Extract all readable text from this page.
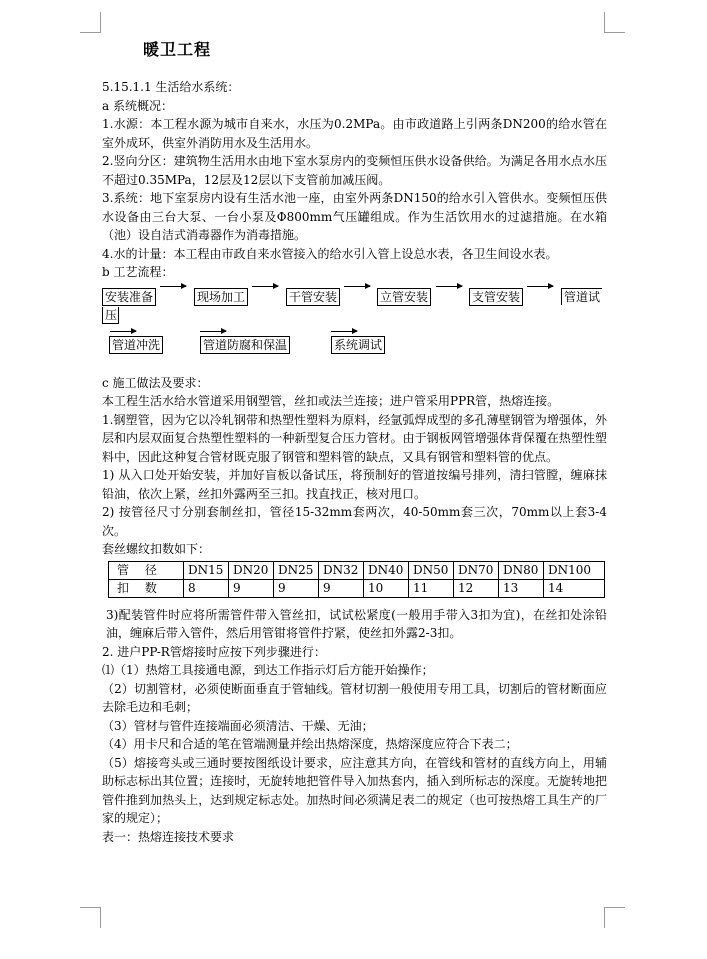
暖卫工程

5.15.1.1 生活给水系统：

a 系统概况：

1.水源：本工程水源为城市自来水，水压为0.2MPa。由市政道路上引两条DN200的给水管在室外成环，供室外消防用水及生活用水。

2.竖向分区：建筑物生活用水由地下室水泵房内的变频恒压供水设备供给。为满足各用水点水压不超过0.35MPa，12层及12层以下支管前加减压阀。

3.系统：地下室泵房内设有生活水池一座，由室外两条DN150的给水引入管供水。变频恒压供水设备由三台大泵、一台小泵及Φ800mm气压罐组成。作为生活饮用水的过滤措施。在水箱（池）设自洁式消毒器作为消毒措施。

4.水的计量：本工程由市政自来水管接入的给水引入管上设总水表，各卫生间设水表。

b 工艺流程：

安装准备	现场加工	干管安装	立管安装	支管安装	管道试
压
管道冲洗	管道防腐和保温	系统调试

c 施工做法及要求：

本工程生活水给水管道采用钢塑管，丝扣或法兰连接；进户管采用PPR管，热熔连接。

1.钢塑管，因为它以冷轧钢带和热塑性塑料为原料，经氩弧焊成型的多孔薄壁钢管为增强体，外层和内层双面复合热塑性塑料的一种新型复合压力管材。由于钢板网管增强体背保覆在热塑性塑料中，因此这种复合管材既克服了钢管和塑料管的缺点，又具有钢管和塑料管的优点。

1) 从入口处开始安装，并加好盲板以备试压，将预制好的管道按编号排列，清扫管膛，缠麻抹铅油，依次上紧，丝扣外露两至三扣。找直找正，核对甩口。

2) 按管径尺寸分别套制丝扣，管径15-32mm套两次，40-50mm套三次，70mm以上套3-4次。

套丝螺纹扣数如下：

管 径	DN15	DN20	DN25	DN32	DN40	DN50	DN70	DN80	DN100
扣 数	8	9	9	9	10	11	12	13	14

3)配装管件时应将所需管件带入管丝扣，试试松紧度(一般用手带入3扣为宜)，在丝扣处涂铅油，缠麻后带入管件，然后用管钳将管件拧紧，使丝扣外露2-3扣。

2. 进户PP-R管熔接时应按下列步骤进行：

⑴（1）热熔工具接通电源，到达工作指示灯后方能开始操作；

（2）切割管材，必须使断面垂直于管轴线。管材切割一般使用专用工具，切割后的管材断面应去除毛边和毛刺；

（3）管材与管件连接端面必须清洁、干燥、无油；

（4）用卡尺和合适的笔在管端测量并绘出热熔深度，热熔深度应符合下表二；

（5）熔接弯头或三通时要按图纸设计要求，应注意其方向，在管线和管材的直线方向上，用辅助标志标出其位置；连接时，无旋转地把管件导入加热套内，插入到所标志的深度。无旋转地把管件推到加热头上，达到规定标志处。加热时间必须满足表二的规定（也可按热熔工具生产的厂家的规定）；

表一：热熔连接技术要求
